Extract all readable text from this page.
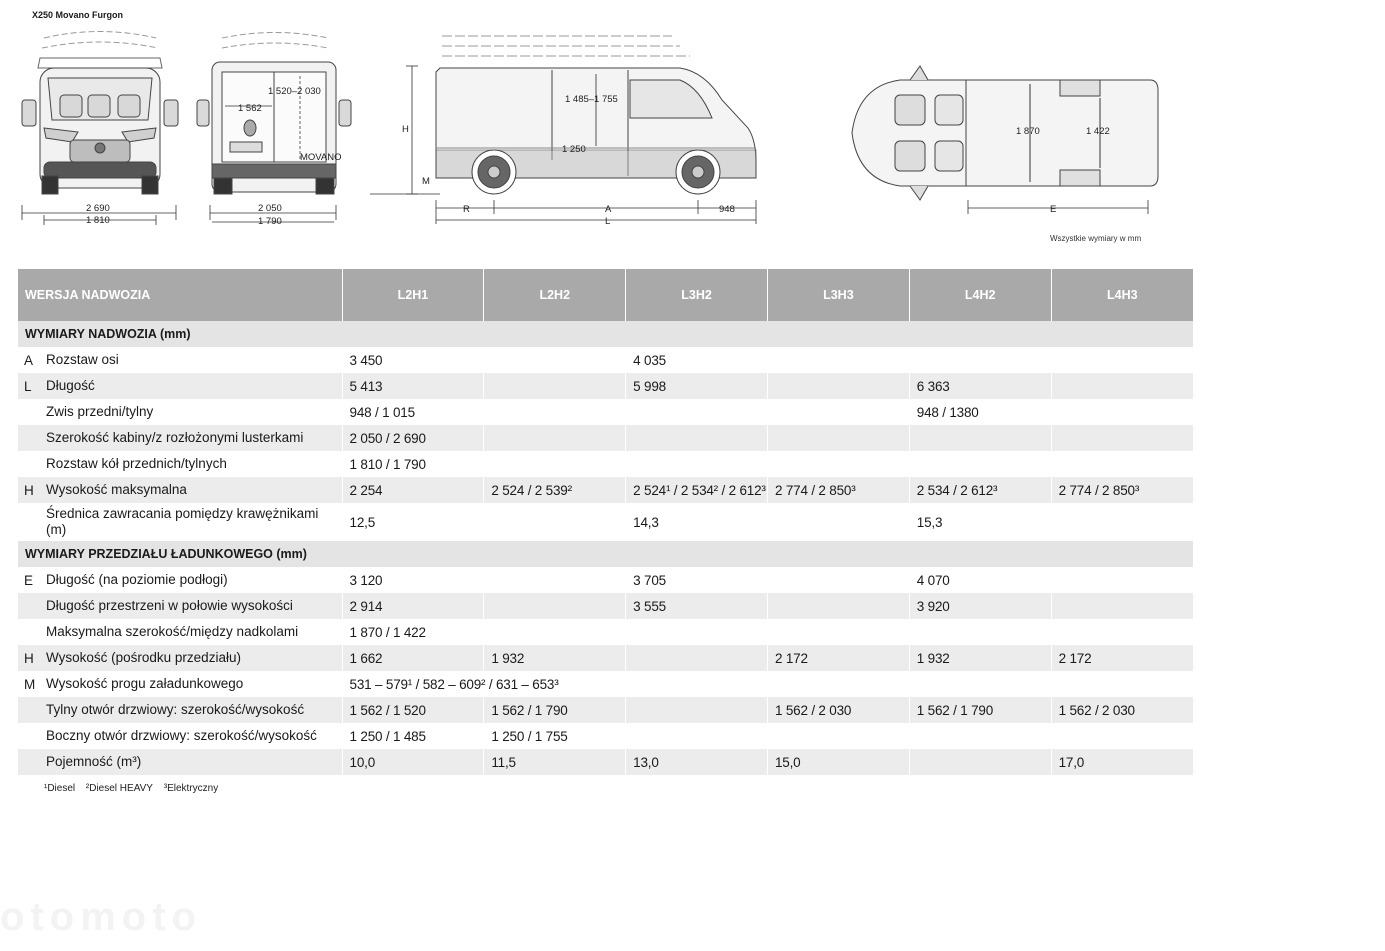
X250 Movano Furgon
2 690
1 810
MOVANO
1 520–2 030
1 562
2 050
1 790
1 485–1 755
1 250
H
M
R	A	948
L
1 870	1 422
E
Wszystkie wymiary w mm
WERSJA NADWOZIA	L2H1	L2H2	L3H2	L3H3	L4H2	L4H3
WYMIARY NADWOZIA (mm)						

A Rozstaw osi	3 450		4 035			

L Długość	5 413		5 998		6 363	

Zwis przedni/tylny	948 / 1 015				948 / 1380	

Szerokość kabiny/z rozłożonymi lusterkami	2 050 / 2 690					

Rozstaw kół przednich/tylnych	1 810 / 1 790					

H Wysokość maksymalna	2 254	2 524 / 2 539²	2 524¹ / 2 534² / 2 612³	2 774 / 2 850³	2 534 / 2 612³	2 774 / 2 850³

Średnica zawracania pomiędzy krawężnikami (m)	12,5		14,3		15,3	
WYMIARY PRZEDZIAŁU ŁADUNKOWEGO (mm)						

E Długość (na poziomie podłogi)	3 120		3 705		4 070	

Długość przestrzeni w połowie wysokości	2 914		3 555		3 920	

Maksymalna szerokość/między nadkolami	1 870 / 1 422					

H Wysokość (pośrodku przedziału)	1 662	1 932		2 172	1 932	2 172

M Wysokość progu załadunkowego	531 – 579¹ / 582 – 609² / 631 – 653³					

Tylny otwór drzwiowy: szerokość/wysokość	1 562 / 1 520	1 562 / 1 790		1 562 / 2 030	1 562 / 1 790	1 562 / 2 030

Boczny otwór drzwiowy: szerokość/wysokość	1 250 / 1 485	1 250 / 1 755				

Pojemność (m³)	10,0	11,5	13,0	15,0		17,0
¹Diesel ²Diesel HEAVY ³Elektryczny
otomoto
